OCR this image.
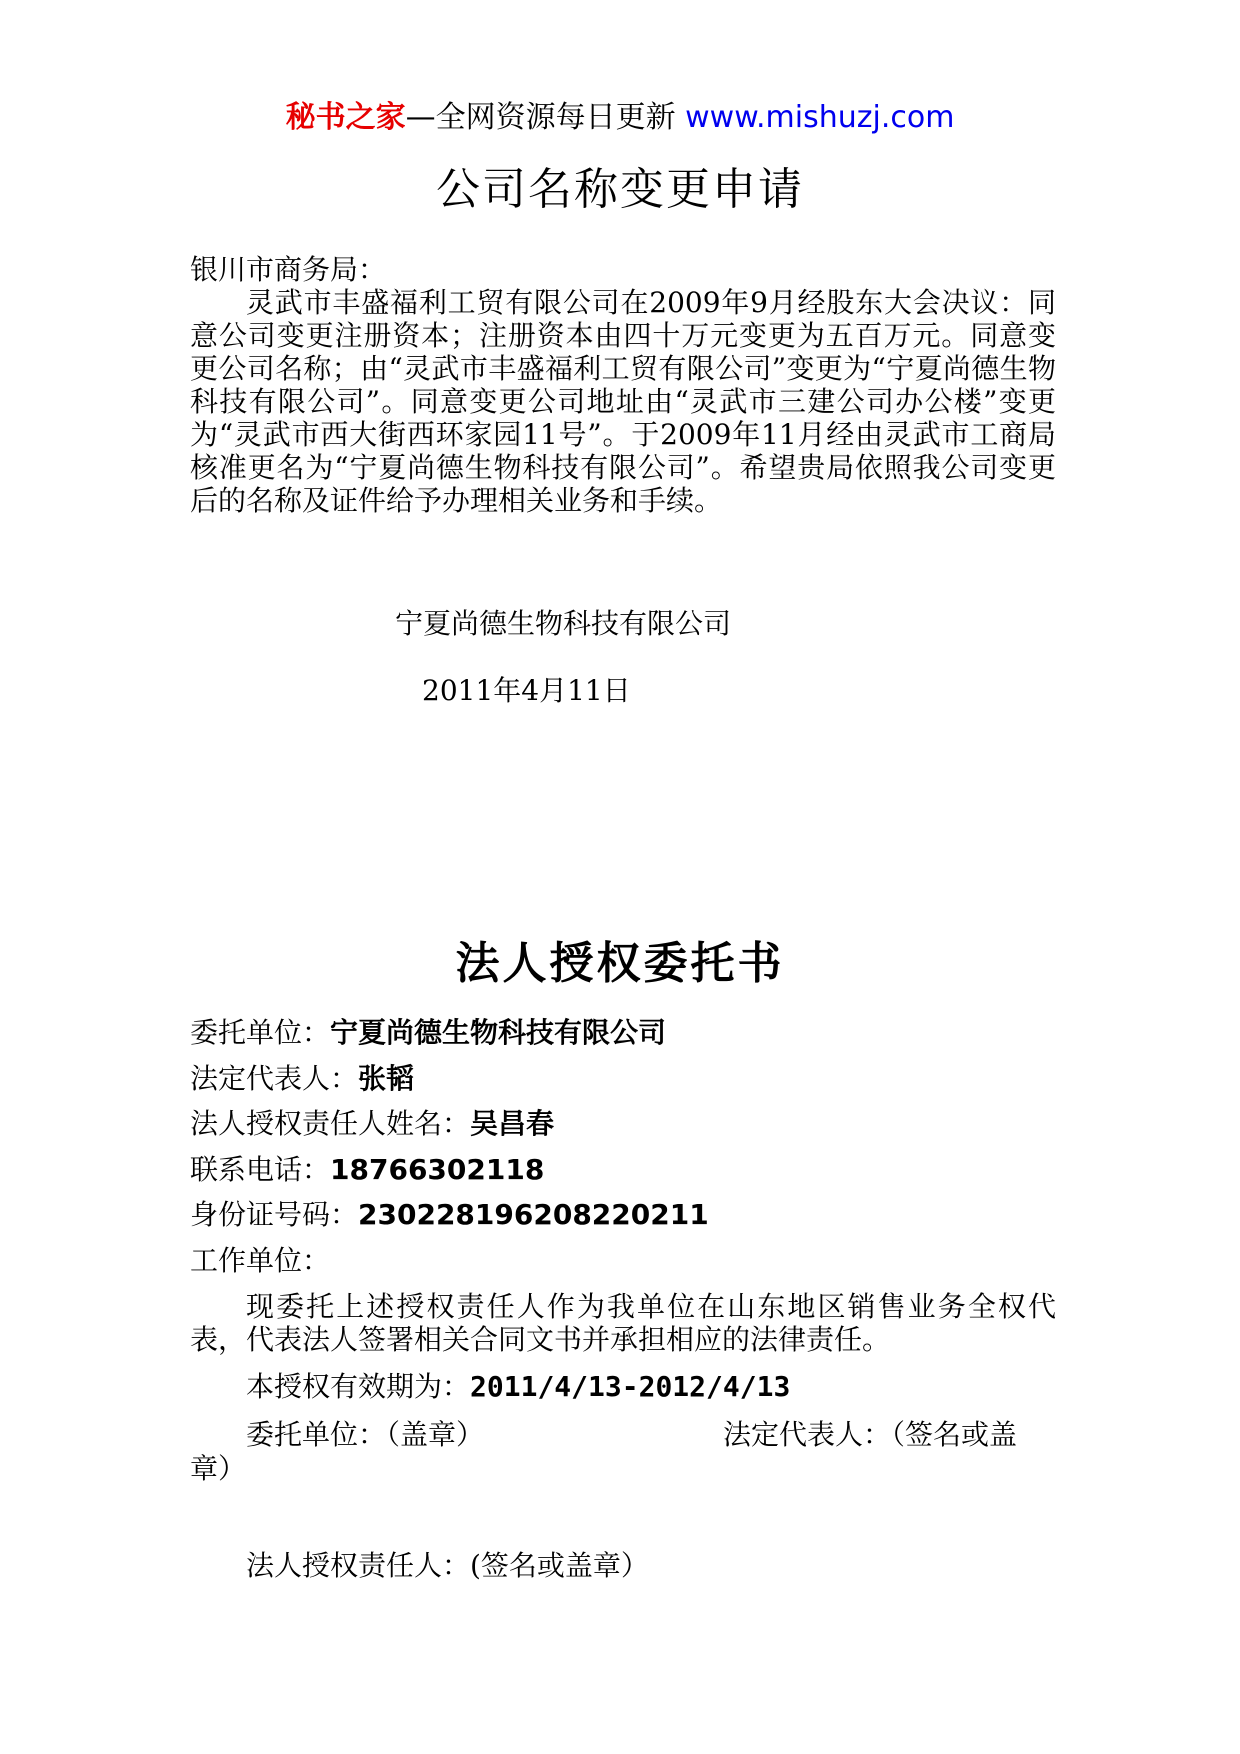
秘书之家—全网资源每日更新 www.mishuzj.com
公司名称变更申请
银川市商务局：
灵武市丰盛福利工贸有限公司在2009年9月经股东大会决议：同意公司变更注册资本；注册资本由四十万元变更为五百万元。同意变更公司名称；由“灵武市丰盛福利工贸有限公司”变更为“宁夏尚德生物科技有限公司”。同意变更公司地址由“灵武市三建公司办公楼”变更为“灵武市西大街西环家园11号”。于2009年11月经由灵武市工商局核准更名为“宁夏尚德生物科技有限公司”。希望贵局依照我公司变更后的名称及证件给予办理相关业务和手续。
宁夏尚德生物科技有限公司
2011年4月11日
法人授权委托书
委托单位：宁夏尚德生物科技有限公司
法定代表人：张韬
法人授权责任人姓名：吴昌春
联系电话：18766302118
身份证号码：230228196208220211
工作单位：
现委托上述授权责任人作为我单位在山东地区销售业务全权代表，代表法人签署相关合同文书并承担相应的法律责任。
本授权有效期为：2011/4/13-2012/4/13
委托单位：（盖章）	法定代表人：（签名或盖
章）
法人授权责任人：(签名或盖章）
